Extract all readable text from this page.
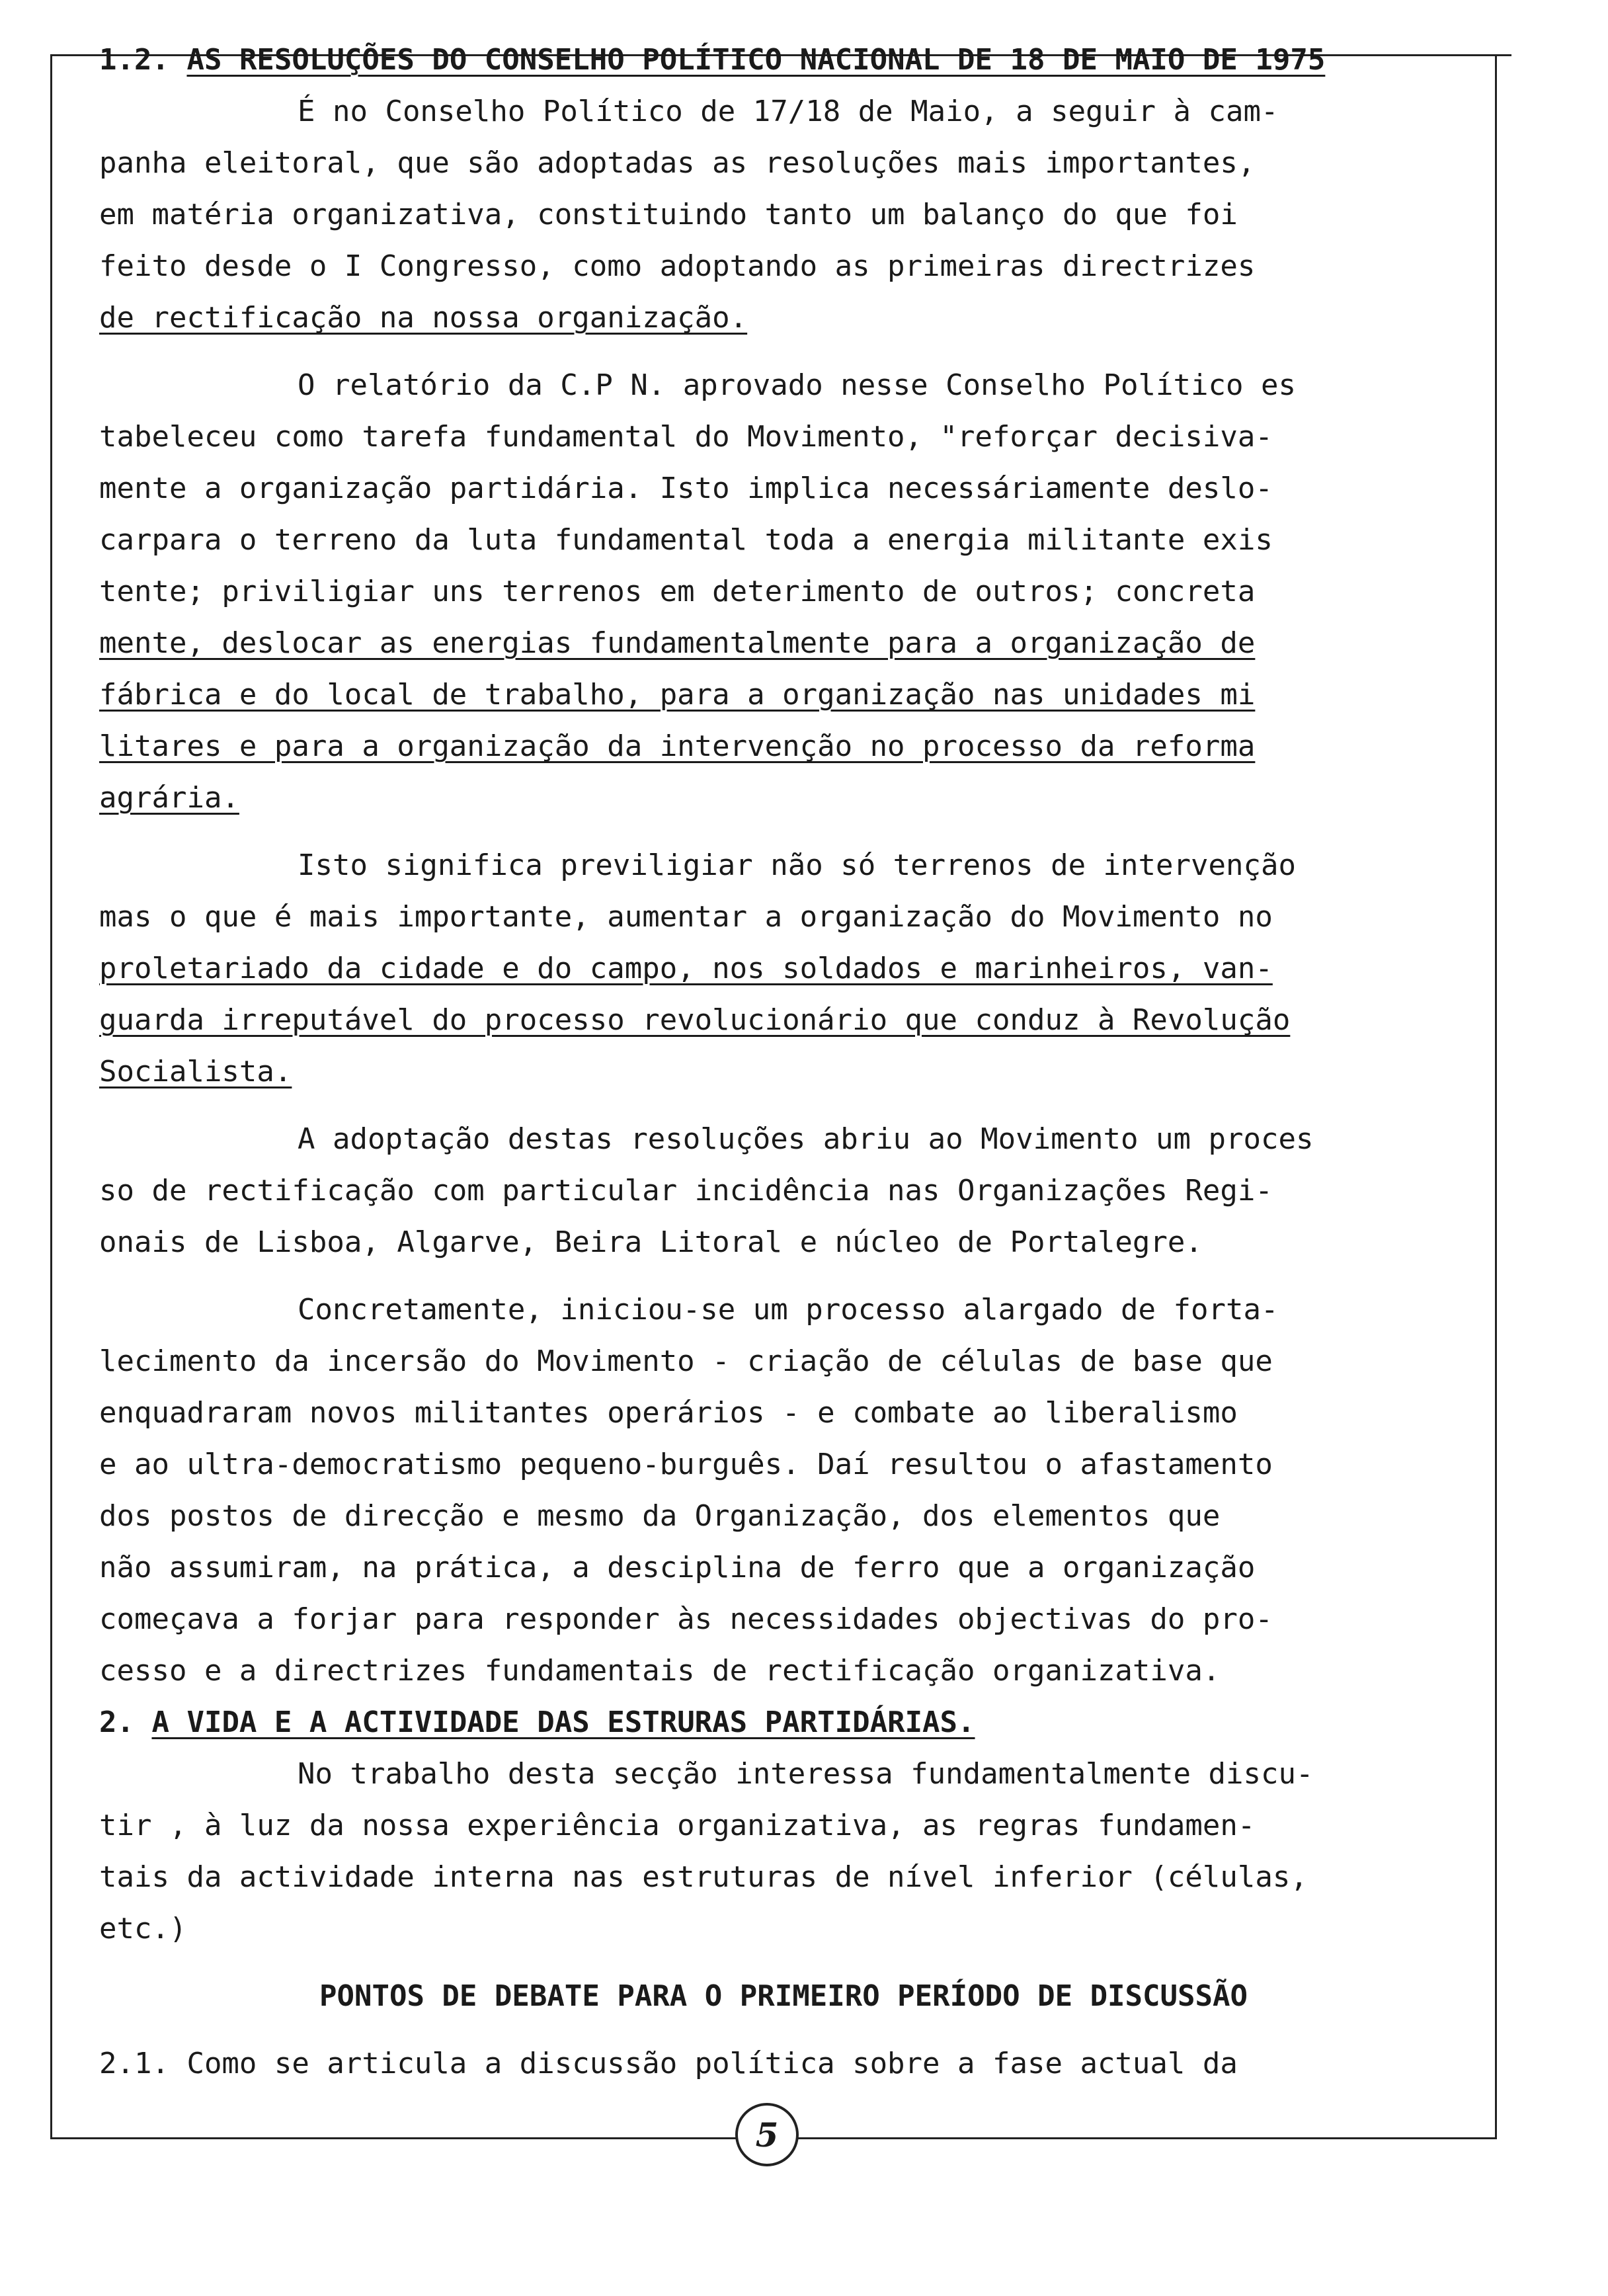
1.2. AS RESOLUÇÕES DO CONSELHO POLÍTICO NACIONAL DE 18 DE MAIO DE 1975
É no Conselho Político de 17/18 de Maio, a seguir à cam-
panha eleitoral, que são adoptadas as resoluções mais importantes,
em matéria organizativa, constituindo tanto um balanço do que foi
feito desde o I Congresso, como adoptando as primeiras directrizes
de rectificação na nossa organização.
O relatório da C.P N. aprovado nesse Conselho Político es
tabeleceu como tarefa fundamental do Movimento, "reforçar decisiva-
mente a organização partidária. Isto implica necessáriamente deslo-
carpara o terreno da luta fundamental toda a energia militante exis
tente; priviligiar uns terrenos em deterimento de outros; concreta
mente, deslocar as energias fundamentalmente para a organização de
fábrica e do local de trabalho, para a organização nas unidades mi
litares e para a organização da intervenção no processo da reforma
agrária.
Isto significa previligiar não só terrenos de intervenção
mas o que é mais importante, aumentar a organização do Movimento no
proletariado da cidade e do campo, nos soldados e marinheiros, van-
guarda irreputável do processo revolucionário que conduz à Revolução
Socialista.
A adoptação destas resoluções abriu ao Movimento um proces
so de rectificação com particular incidência nas Organizações Regi-
onais de Lisboa, Algarve, Beira Litoral e núcleo de Portalegre.
Concretamente, iniciou-se um processo alargado de forta-
lecimento da incersão do Movimento - criação de células de base que
enquadraram novos militantes operários - e combate ao liberalismo
e ao ultra-democratismo pequeno-burguês. Daí resultou o afastamento
dos postos de direcção e mesmo da Organização, dos elementos que
não assumiram, na prática, a desciplina de ferro que a organização
começava a forjar para responder às necessidades objectivas do pro-
cesso e a directrizes fundamentais de rectificação organizativa.
2. A VIDA E A ACTIVIDADE DAS ESTRURAS PARTIDÁRIAS.
No trabalho desta secção interessa fundamentalmente discu-
tir , à luz da nossa experiência organizativa, as regras fundamen-
tais da actividade interna nas estruturas de nível inferior (células,
etc.)
PONTOS DE DEBATE PARA O PRIMEIRO PERÍODO DE DISCUSSÃO
2.1. Como se articula a discussão política sobre a fase actual da
5
